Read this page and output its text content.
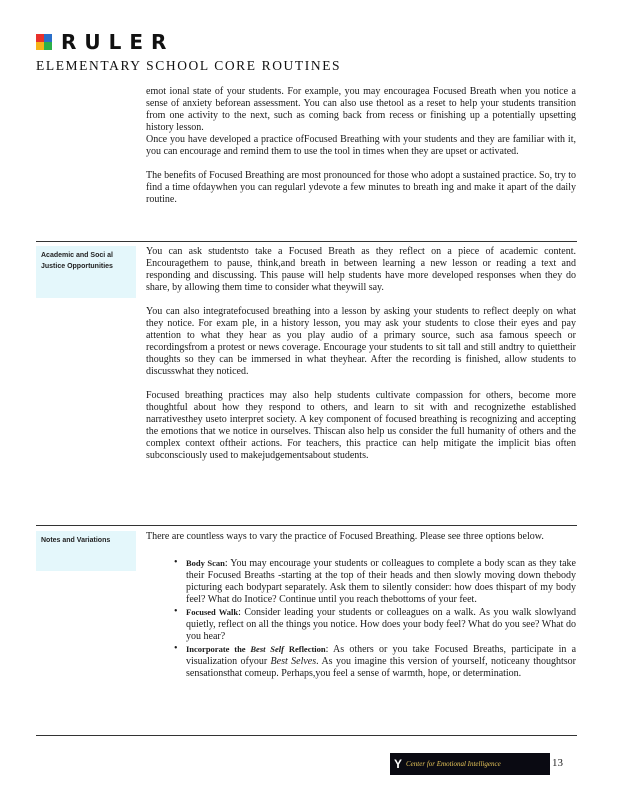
RULER
ELEMENTARY SCHOOL CORE ROUTINES

emot ional state of your students. For example, you may encouragea Focused Breath when you notice a sense of anxiety beforean assessment. You can also use thetool as a reset to help your students transition from one activity to the next, such as coming back from recess or finishing up a potentially upsetting history lesson.

Once you have developed a practice ofFocused Breathing with your students and they are familiar with it, you can encourage and remind them to use the tool in times when they are upset or activated.

The benefits of Focused Breathing are most pronounced for those who adopt a sustained practice. So, try to find a time ofdaywhen you can regularl ydevote a few minutes to breath ing and make it apart of the daily routine.

Academic and Soci al Justice Opportunities

You can ask studentsto take a Focused Breath as they reflect on a piece of academic content. Encouragethem to pause, think,and breath in between learning a new lesson or reading a text and responding and discussing. This pause will help students have more developed responses when they do share, by allowing them time to consider what theywill say.

You can also integratefocused breathing into a lesson by asking your students to reflect deeply on what they notice. For exam ple, in a history lesson, you may ask your students to close their eyes and pay attention to what they hear as you play audio of a primary source, such asa famous speech or recordingsfrom a protest or news coverage. Encourage your students to sit tall and still andtry to quiettheir thoughts so they can be immersed in what theyhear. After the recording is finished, allow students to discusswhat they noticed.

Focused breathing practices may also help students cultivate compassion for others, become more thoughtful about how they respond to others, and learn to sit with and recognizethe established narrativesthey useto interpret society. A key component of focused breathing is recognizing and accepting the emotions that we notice in ourselves. Thiscan also help us consider the full humanity of others and the complex context oftheir actions. For teachers, this practice can help mitigate the implicit bias often subconsciously used to makejudgementsabout students.

Notes and Variations	There are countless ways to vary the practice of Focused Breathing. Please see three options below.

• Body Scan: You may encourage your students or colleagues to complete a body scan as they take their Focused Breaths -starting at the top of their heads and then slowly moving down thebody picturing each bodypart separately. Ask them to silently consider: how does thispart of my body feel? What do Inotice? Continue until you reach thebottoms of your feet.
• Focused Walk: Consider leading your students or colleagues on a walk. As you walk slowlyand quietly, reflect on all the things you notice. How does your body feel? What do you see? What do you hear?
• Incorporate the Best Self Reflection: As others or you take Focused Breaths, participate in a visualization ofyour Best Selves. As you imagine this version of yourself, noticeany thoughtsor sensationsthat comeup. Perhaps,you feel a sense of warmth, hope, or determination.
Y Center for Emotional Intelligence	13
